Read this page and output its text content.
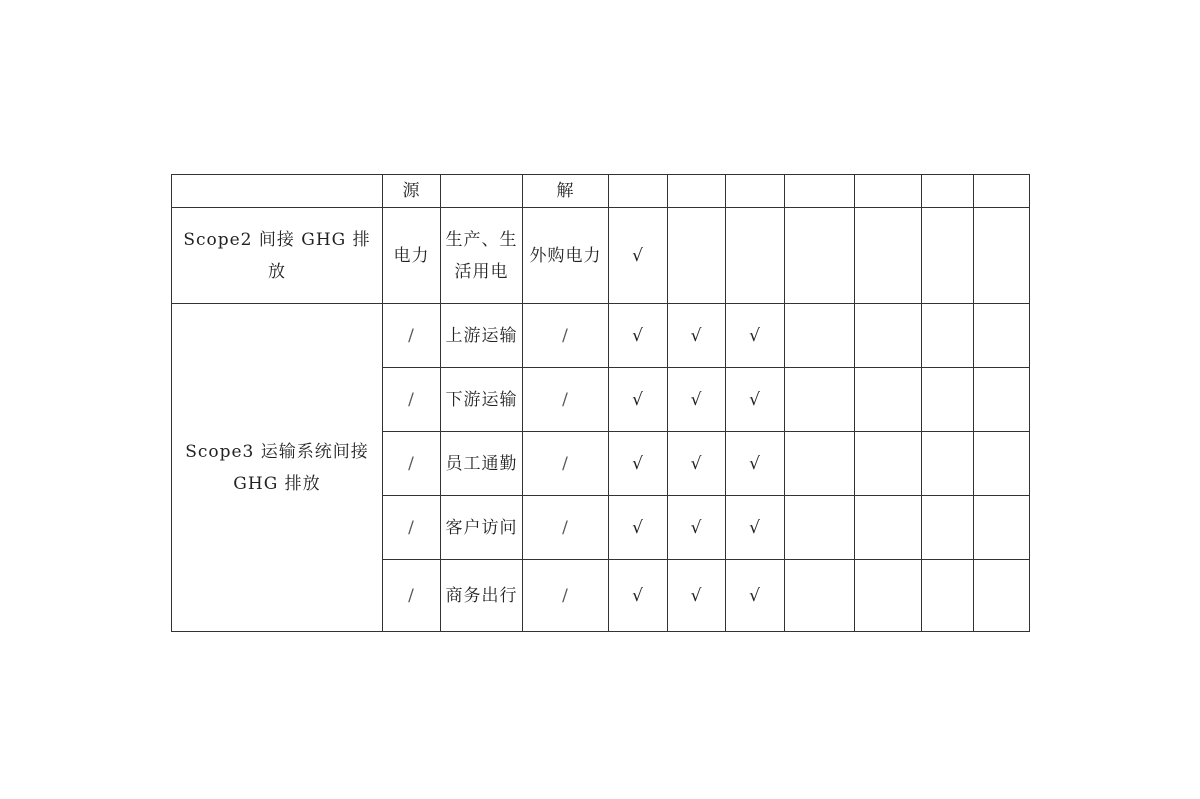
	源		解							
Scope2 间接 GHG 排放	电力	生产、生活用电	外购电力	√						
Scope3 运输系统间接 GHG 排放	/	上游运输	/	√	√	√				
	/	下游运输	/	√	√	√				
	/	员工通勤	/	√	√	√				
	/	客户访问	/	√	√	√				
	/	商务出行	/	√	√	√				
